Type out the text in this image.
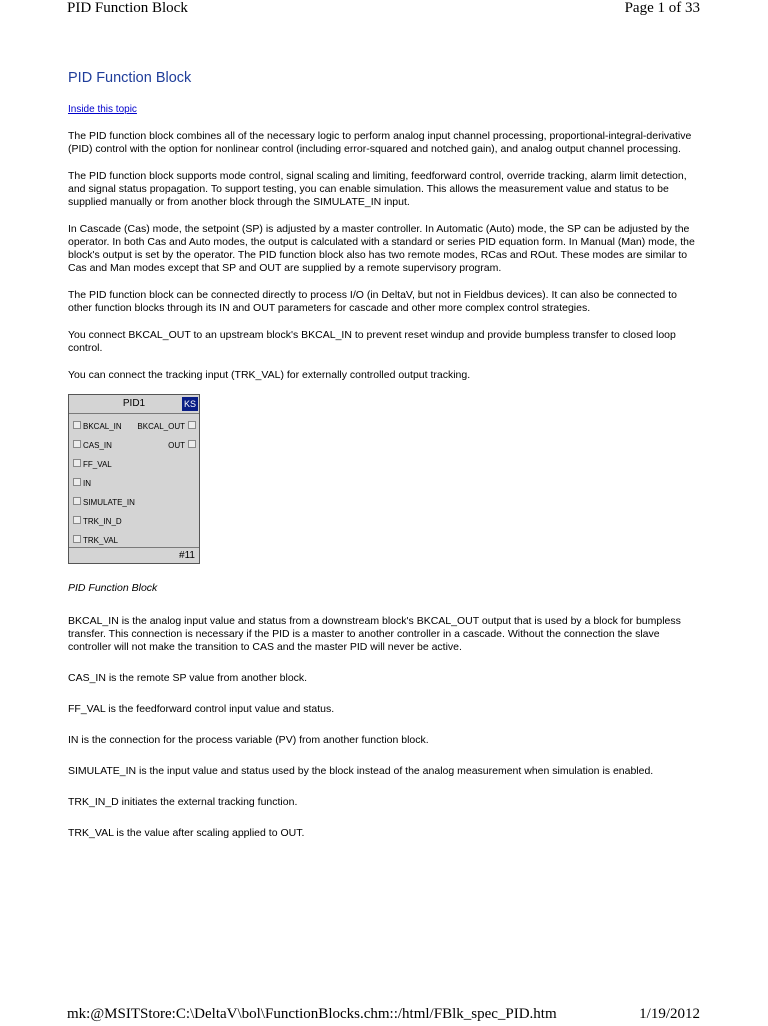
PID Function Block	Page 1 of 33
PID Function Block
Inside this topic

The PID function block combines all of the necessary logic to perform analog input channel processing, proportional-integral-derivative (PID) control with the option for nonlinear control (including error-squared and notched gain), and analog output channel processing.

The PID function block supports mode control, signal scaling and limiting, feedforward control, override tracking, alarm limit detection, and signal status propagation. To support testing, you can enable simulation. This allows the measurement value and status to be supplied manually or from another block through the SIMULATE_IN input.

In Cascade (Cas) mode, the setpoint (SP) is adjusted by a master controller. In Automatic (Auto) mode, the SP can be adjusted by the operator. In both Cas and Auto modes, the output is calculated with a standard or series PID equation form. In Manual (Man) mode, the block's output is set by the operator. The PID function block also has two remote modes, RCas and ROut. These modes are similar to Cas and Man modes except that SP and OUT are supplied by a remote supervisory program.

The PID function block can be connected directly to process I/O (in DeltaV, but not in Fieldbus devices). It can also be connected to other function blocks through its IN and OUT parameters for cascade and other more complex control strategies.

You connect BKCAL_OUT to an upstream block's BKCAL_IN to prevent reset windup and provide bumpless transfer to closed loop control.

You can connect the tracking input (TRK_VAL) for externally controlled output tracking.

PID1	KS
BKCAL_IN BKCAL_OUT
CAS_IN	OUT
FF_VAL
IN
SIMULATE_IN
TRK_IN_D
TRK_VAL
#11

PID Function Block

BKCAL_IN is the analog input value and status from a downstream block's BKCAL_OUT output that is used by a block for bumpless transfer. This connection is necessary if the PID is a master to another controller in a cascade. Without the connection the slave controller will not make the transition to CAS and the master PID will never be active.

CAS_IN is the remote SP value from another block.

FF_VAL is the feedforward control input value and status.

IN is the connection for the process variable (PV) from another function block.

SIMULATE_IN is the input value and status used by the block instead of the analog measurement when simulation is enabled.

TRK_IN_D initiates the external tracking function.

TRK_VAL is the value after scaling applied to OUT.

mk:@MSITStore:C:\DeltaV\bol\FunctionBlocks.chm::/html/FBlk_spec_PID.htm	1/19/2012
